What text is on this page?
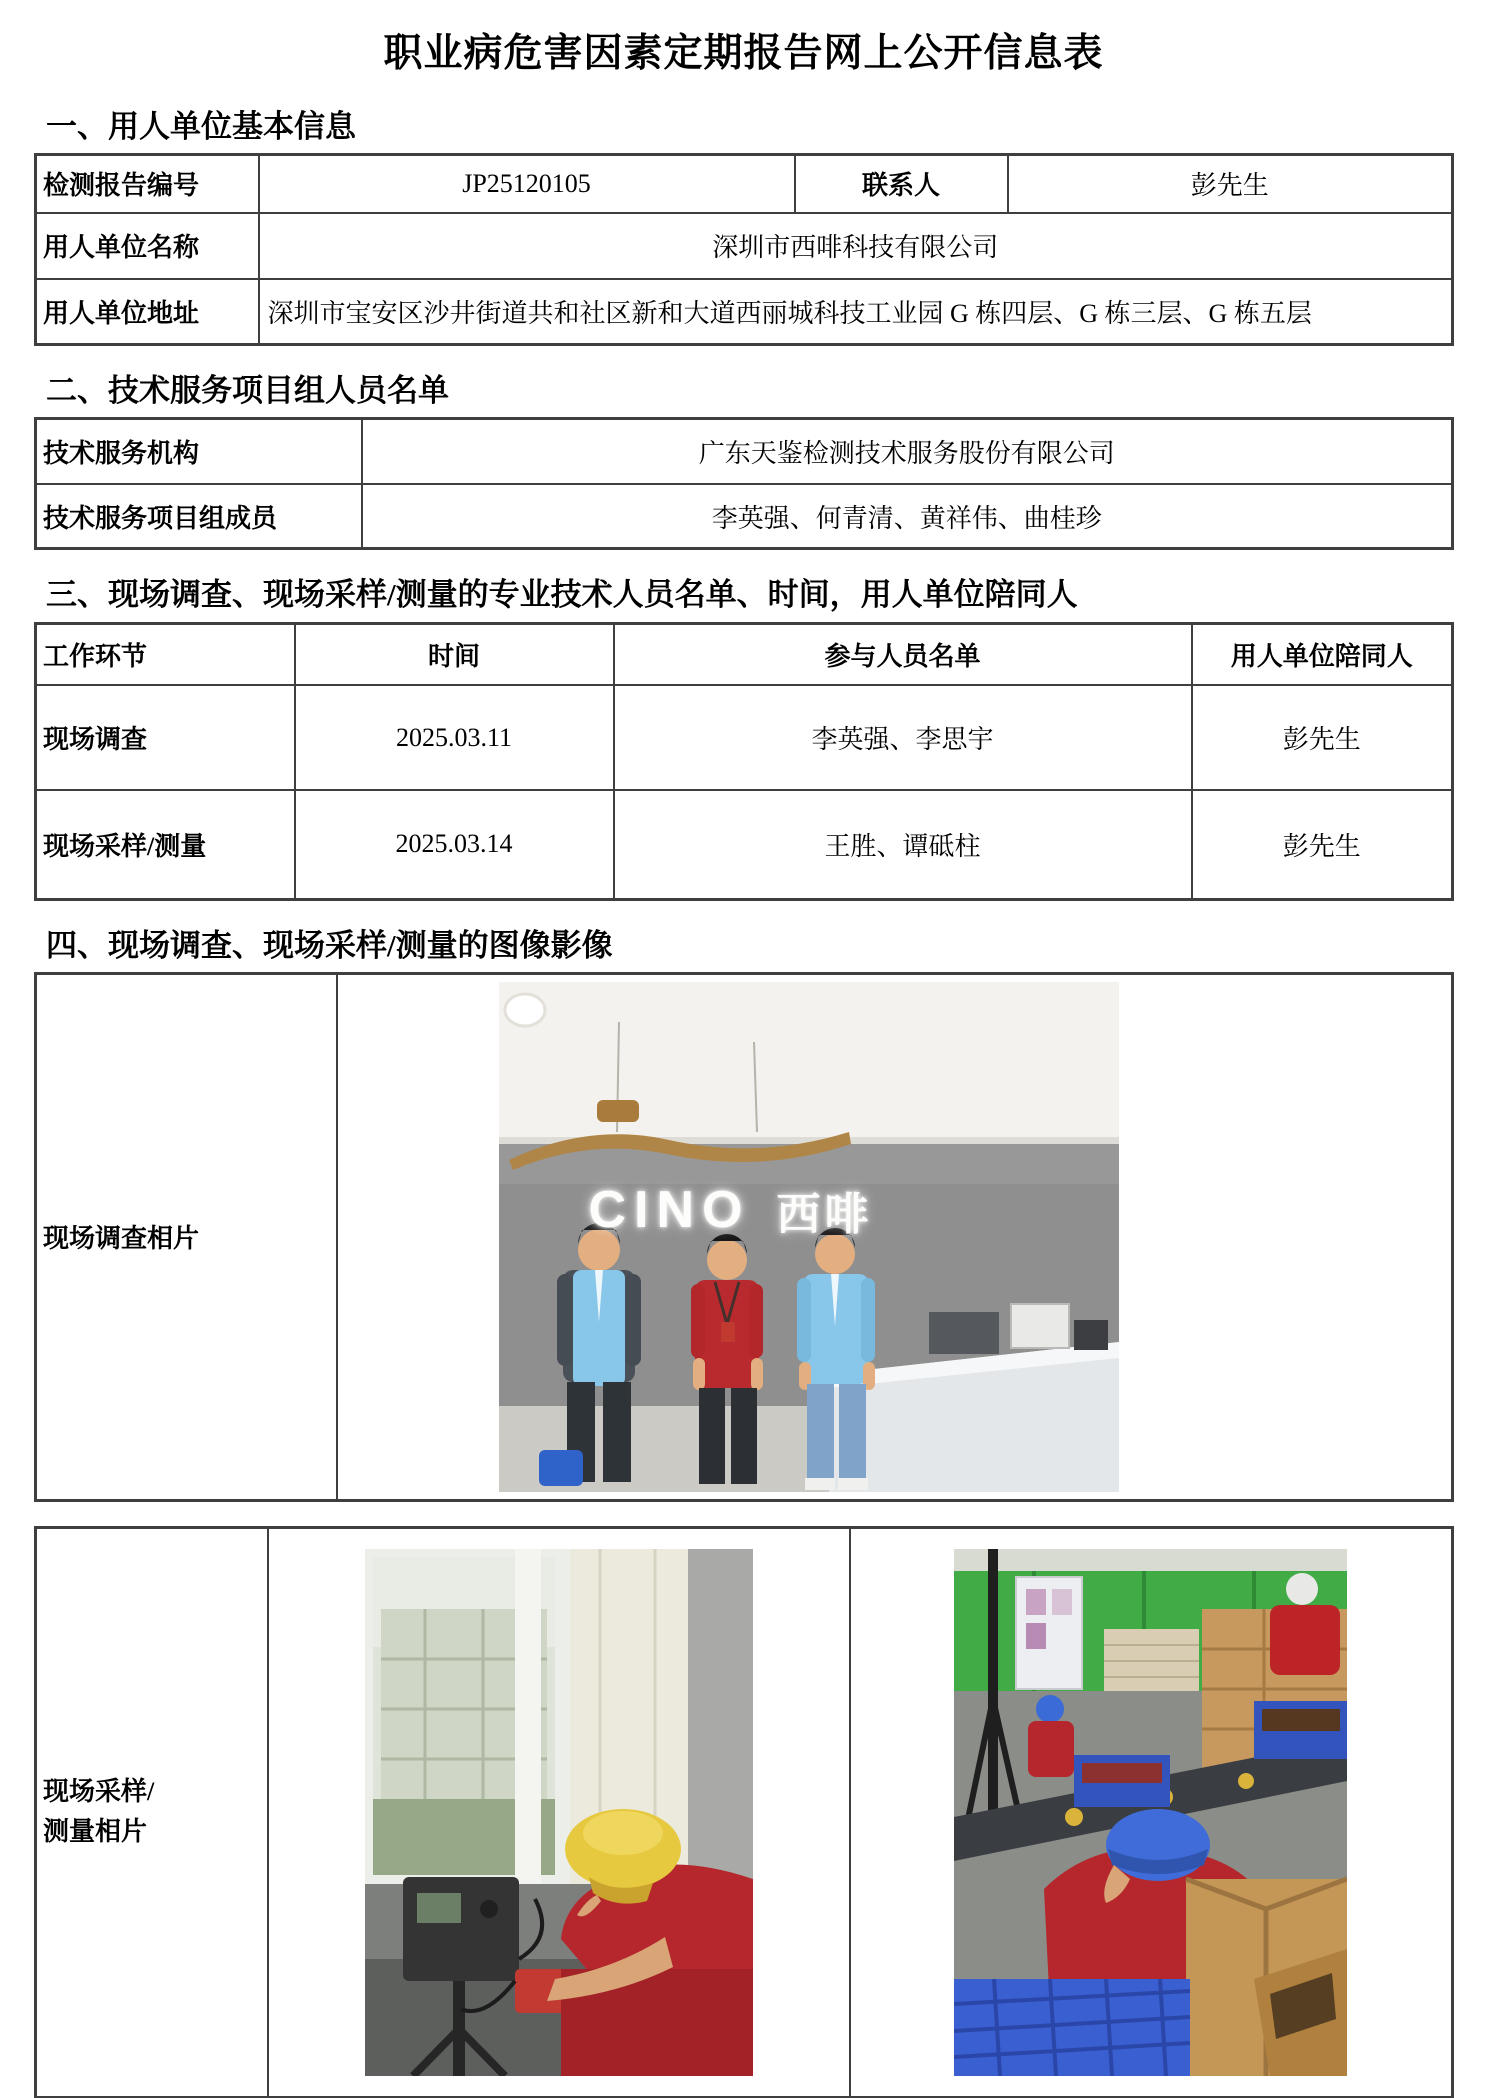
职业病危害因素定期报告网上公开信息表
一、用人单位基本信息
检测报告编号	JP25120105	联系人	彭先生
用人单位名称	深圳市西啡科技有限公司		
用人单位地址	深圳市宝安区沙井街道共和社区新和大道西丽城科技工业园 G 栋四层、G 栋三层、G 栋五层		
二、技术服务项目组人员名单
技术服务机构	广东天鉴检测技术服务股份有限公司
技术服务项目组成员	李英强、何青清、黄祥伟、曲桂珍
三、现场调查、现场采样/测量的专业技术人员名单、时间，用人单位陪同人
工作环节	时间	参与人员名单	用人单位陪同人
现场调查	2025.03.11	李英强、李思宇	彭先生
现场采样/测量	2025.03.14	王胜、谭砥柱	彭先生
四、现场调查、现场采样/测量的图像影像
现场调查相片	CINO 西啡
现场采样/
测量相片
